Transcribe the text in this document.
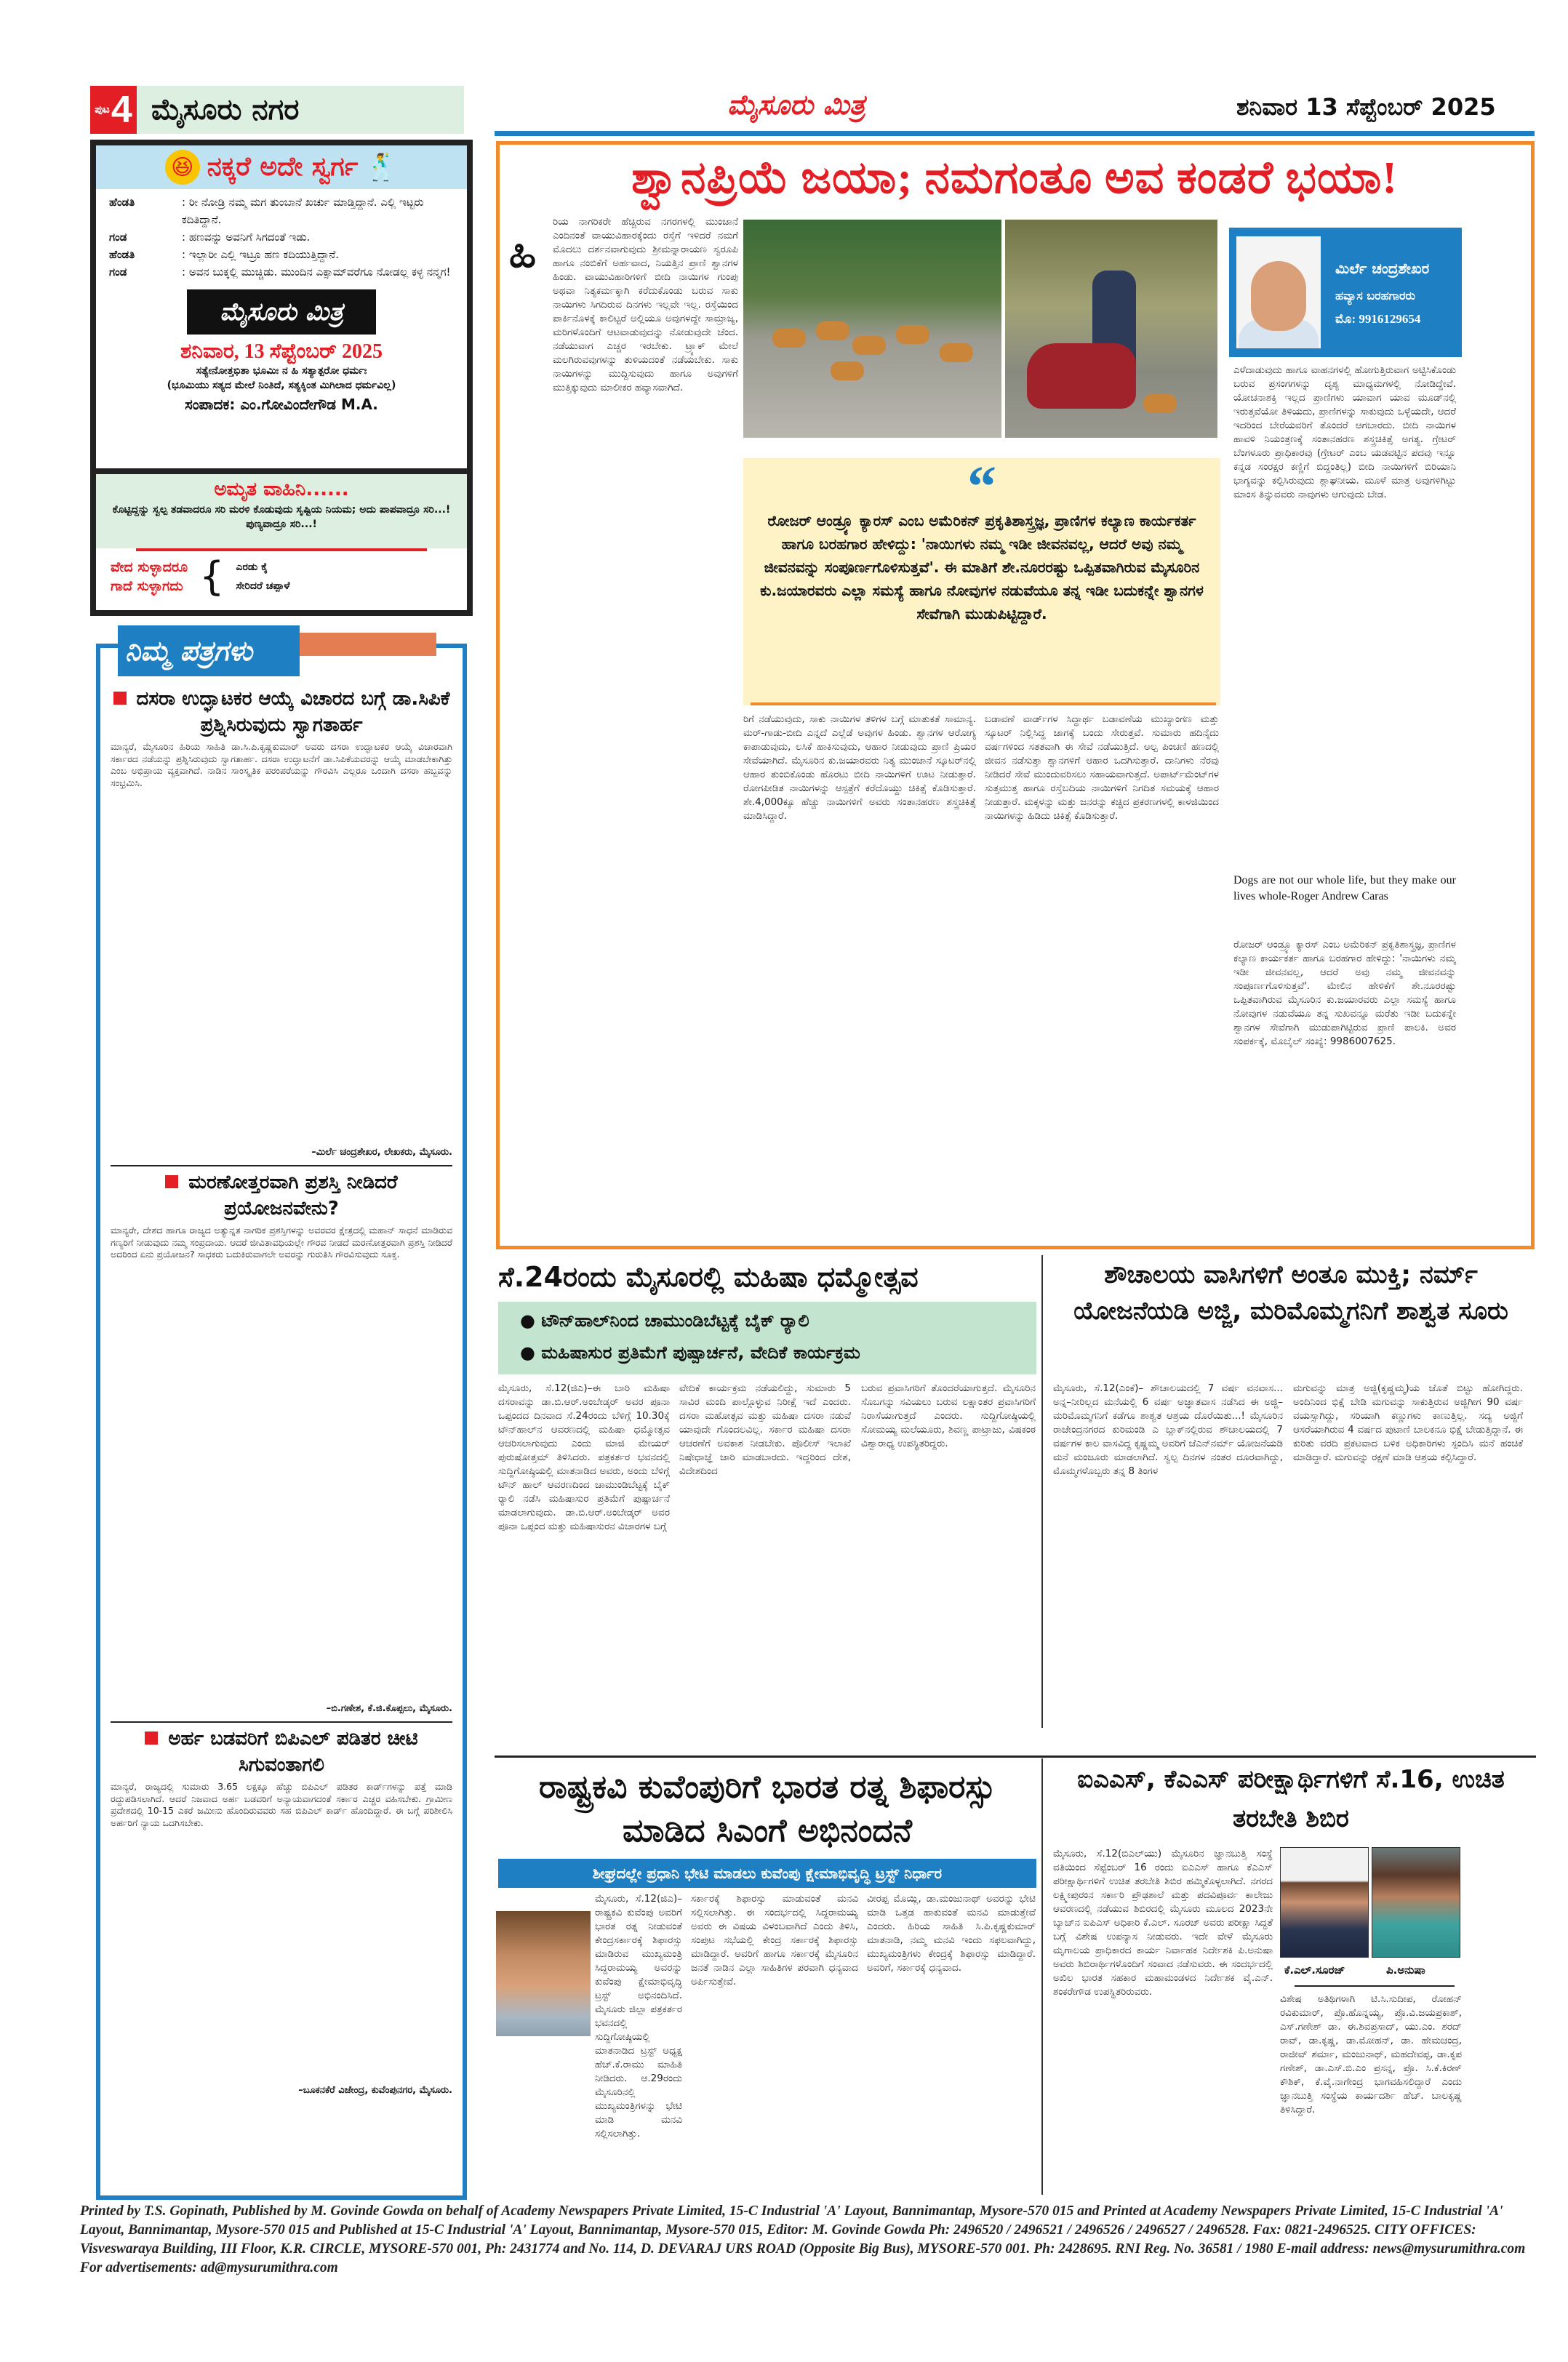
ಪುಟ 4 ಮೈಸೂರು ನಗರ	ಮೈಸೂರು ಮಿತ್ರ	ಶನಿವಾರ 13 ಸೆಪ್ಟೆಂಬರ್ 2025
😆 ನಕ್ಕರೆ ಅದೇ ಸ್ವರ್ಗ 🕺
ಹೆಂಡತಿ	: ರೀ ನೋಡ್ರಿ ನಮ್ಮ ಮಗ ತುಂಬಾನೆ ಖರ್ಚು ಮಾಡ್ತಿದ್ದಾನೆ. ಎಲ್ಲಿ ಇಟ್ಟರು ಕದಿತಿದ್ದಾನೆ.
ಗಂಡ	: ಹಣವನ್ನು ಅವನಿಗೆ ಸಿಗದಂತೆ ಇಡು.
ಹೆಂಡತಿ	: ಇಲ್ಲಾರೀ ಎಲ್ಲಿ ಇಟ್ರೂ ಹಣ ಕದಿಯುತ್ತಿದ್ದಾನೆ.
ಗಂಡ	: ಅವನ ಬುಕ್ಕಲ್ಲಿ ಮುಚ್ಚಿಡು. ಮುಂದಿನ ಎಕ್ಸಾಮ್‌ವರೆಗೂ ನೋಡಲ್ಲ ಕಳ್ಳ ನನ್ಮಗ!
ಮೈಸೂರು ಮಿತ್ರ
ಶನಿವಾರ, 13 ಸೆಪ್ಟೆಂಬರ್ 2025
ಸತ್ಯೇನೋತ್ತಭಿತಾ ಭೂಮಿಃ ನ ಹಿ ಸತ್ಯಾತ್ಪರೋ ಧರ್ಮಃ
(ಭೂಮಿಯು ಸತ್ಯದ ಮೇಲೆ ನಿಂತಿದೆ, ಸತ್ಯಕ್ಕಿಂತ ಮಿಗಿಲಾದ ಧರ್ಮವಿಲ್ಲ)
ಸಂಪಾದಕ: ಎಂ.ಗೋವಿಂದೇಗೌಡ M.A.
ಅಮೃತ ವಾಹಿನಿ......
ಕೊಟ್ಟಿದ್ದನ್ನು ಸ್ವಲ್ಪ ತಡವಾದರೂ ಸರಿ ಮರಳಿ ಕೊಡುವುದು ಸೃಷ್ಟಿಯ ನಿಯಮ; ಅದು ಪಾಪವಾದ್ರೂ ಸರಿ...! ಪುಣ್ಯವಾದ್ರೂ ಸರಿ...!
ವೇದ ಸುಳ್ಳಾದರೂ
ಗಾದೆ ಸುಳ್ಳಾಗದು { ಎರಡು ಕೈ
ಸೇರಿದರೆ ಚಪ್ಪಾಳೆ
ದಸರಾ ಉದ್ಘಾಟಕರ ಆಯ್ಕೆ ವಿಚಾರದ ಬಗ್ಗೆ ಡಾ.ಸಿಪಿಕೆ ಪ್ರಶ್ನಿಸಿರುವುದು ಸ್ವಾಗತಾರ್ಹ
ಮಾನ್ಯರೆ, ಮೈಸೂರಿನ ಹಿರಿಯ ಸಾಹಿತಿ ಡಾ.ಸಿ.ಪಿ.ಕೃಷ್ಣಕುಮಾರ್ ಅವರು ದಸರಾ ಉದ್ಘಾಟಕರ ಆಯ್ಕೆ ವಿಚಾರವಾಗಿ ಸರ್ಕಾರದ ನಡೆಯನ್ನು ಪ್ರಶ್ನಿಸಿರುವುದು ಸ್ವಾಗತಾರ್ಹ. ದಸರಾ ಉದ್ಘಾಟನೆಗೆ ಡಾ.ಸಿಪಿಕೆಯವರನ್ನು ಆಯ್ಕೆ ಮಾಡಬೇಕಾಗಿತ್ತು ಎಂಬ ಅಭಿಪ್ರಾಯ ವ್ಯಕ್ತವಾಗಿದೆ. ನಾಡಿನ ಸಾಂಸ್ಕೃತಿಕ ಪರಂಪರೆಯನ್ನು ಗೌರವಿಸಿ ಎಲ್ಲರೂ ಒಂದಾಗಿ ದಸರಾ ಹಬ್ಬವನ್ನು ಸಂಭ್ರಮಿಸಿ.
–ಮಿರ್ಲೆ ಚಂದ್ರಶೇಖರ, ಲೇಖಕರು, ಮೈಸೂರು.
ಮರಣೋತ್ತರವಾಗಿ ಪ್ರಶಸ್ತಿ ನೀಡಿದರೆ ಪ್ರಯೋಜನವೇನು?
ಮಾನ್ಯರೇ, ದೇಶದ ಹಾಗೂ ರಾಜ್ಯದ ಅತ್ಯುನ್ನತ ನಾಗರಿಕ ಪ್ರಶಸ್ತಿಗಳನ್ನು ಅವರವರ ಕ್ಷೇತ್ರದಲ್ಲಿ ಮಹಾನ್ ಸಾಧನೆ ಮಾಡಿರುವ ಗಣ್ಯರಿಗೆ ನೀಡುವುದು ನಮ್ಮ ಸಂಪ್ರದಾಯ. ಆದರೆ ಜೀವಿತಾವಧಿಯಲ್ಲೇ ಗೌರವ ನೀಡದೆ ಮರಣೋತ್ತರವಾಗಿ ಪ್ರಶಸ್ತಿ ನೀಡಿದರೆ ಅದರಿಂದ ಏನು ಪ್ರಯೋಜನ? ಸಾಧಕರು ಬದುಕಿರುವಾಗಲೇ ಅವರನ್ನು ಗುರುತಿಸಿ ಗೌರವಿಸುವುದು ಸೂಕ್ತ.
–ಬಿ.ಗಣೇಶ, ಕೆ.ಜಿ.ಕೊಪ್ಪಲು, ಮೈಸೂರು.
ಅರ್ಹ ಬಡವರಿಗೆ ಬಿಪಿಎಲ್ ಪಡಿತರ ಚೀಟಿ ಸಿಗುವಂತಾಗಲಿ
ಮಾನ್ಯರೆ, ರಾಜ್ಯದಲ್ಲಿ ಸುಮಾರು 3.65 ಲಕ್ಷಕ್ಕೂ ಹೆಚ್ಚು ಬಿಪಿಎಲ್ ಪಡಿತರ ಕಾರ್ಡ್‌ಗಳನ್ನು ಪತ್ತೆ ಮಾಡಿ ರದ್ದುಪಡಿಸಲಾಗಿದೆ. ಆದರೆ ನಿಜವಾದ ಅರ್ಹ ಬಡವರಿಗೆ ಅನ್ಯಾಯವಾಗದಂತೆ ಸರ್ಕಾರ ಎಚ್ಚರ ವಹಿಸಬೇಕು. ಗ್ರಾಮೀಣ ಪ್ರದೇಶದಲ್ಲಿ 10-15 ಎಕರೆ ಜಮೀನು ಹೊಂದಿರುವವರು ಸಹ ಬಿಪಿಎಲ್ ಕಾರ್ಡ್ ಹೊಂದಿದ್ದಾರೆ. ಈ ಬಗ್ಗೆ ಪರಿಶೀಲಿಸಿ ಅರ್ಹರಿಗೆ ನ್ಯಾಯ ಒದಗಿಸಬೇಕು.
–ಬೂಕನಕೆರೆ ವಿಜೇಂದ್ರ, ಕುವೆಂಪುನಗರ, ಮೈಸೂರು.
ನಿಮ್ಮ ಪತ್ರಗಳು
ಶ್ವಾನಪ್ರಿಯೆ ಜಯಾ; ನಮಗಂತೂ ಅವ ಕಂಡರೆ ಭಯಾ!
ಹಿ
ರಿಯ ನಾಗರಿಕರೇ ಹೆಚ್ಚಿರುವ ನಗರಗಳಲ್ಲಿ ಮುಂಜಾನೆ ಎಂದಿನಂತೆ ವಾಯುವಿಹಾರಕ್ಕೆಂದು ರಸ್ತೆಗೆ ಇಳಿದರೆ ನಮಗೆ ಮೊದಲು ದರ್ಶನವಾಗುವುದು ಶ್ರೀಮನ್ನಾರಾಯಣ ಸ್ವರೂಪಿ ಹಾಗೂ ನಂಬಿಕೆಗೆ ಅರ್ಹವಾದ, ನಿಯತ್ತಿನ ಪ್ರಾಣಿ ಶ್ವಾನಗಳ ಹಿಂಡು. ವಾಯುವಿಹಾರಿಗಳಿಗೆ ಬೀದಿ ನಾಯಿಗಳ ಗುಂಪು ಅಥವಾ ನಿತ್ಯಕರ್ಮಕ್ಕಾಗಿ ಕರೆದುಕೊಂಡು ಬರುವ ಸಾಕು ನಾಯಿಗಳು ಸಿಗದಿರುವ ದಿನಗಳು ಇಲ್ಲವೇ ಇಲ್ಲ. ರಸ್ತೆಯಿಂದ ಪಾರ್ಕಿನೊಳಕ್ಕೆ ಕಾಲಿಟ್ಟರೆ ಅಲ್ಲಿಯೂ ಅವುಗಳದ್ದೇ ಸಾಮ್ರಾಜ್ಯ, ಮರಿಗಳೊಂದಿಗೆ ಆಟವಾಡುವುದನ್ನು ನೋಡುವುದೇ ಚೆಂದ. ನಡೆಯುವಾಗ ಎಚ್ಚರ ಇರಬೇಕು. ಟ್ರ್ಯಾಕ್ ಮೇಲೆ ಮಲಗಿರುವವುಗಳನ್ನು ತುಳಿಯದಂತೆ ನಡೆಯಬೇಕು. ಸಾಕು ನಾಯಿಗಳನ್ನು ಮುದ್ದಿಸುವುದು ಹಾಗೂ ಅವುಗಳಿಗೆ ಮುತ್ತಿಕ್ಕುವುದು ಮಾಲೀಕರ ಹವ್ಯಾಸವಾಗಿದೆ.
ರಿಗೆ ನಡೆಯುವುದು, ಸಾಕು ನಾಯಿಗಳ ತಳಿಗಳ ಬಗ್ಗೆ ಮಾತುಕತೆ ಸಾಮಾನ್ಯ. ಮರ್-ಗಾಡು-ಬೀದಿ ಎನ್ನದೆ ಎಲ್ಲೆಡೆ ಅವುಗಳ ಹಿಂಡು. ಶ್ವಾನಗಳ ಆರೋಗ್ಯ ಕಾಪಾಡುವುದು, ಲಸಿಕೆ ಹಾಕಿಸುವುದು, ಆಹಾರ ನೀಡುವುದು ಪ್ರಾಣಿ ಪ್ರಿಯರ ಸೇವೆಯಾಗಿದೆ. ಮೈಸೂರಿನ ಕು.ಜಯಾರವರು ನಿತ್ಯ ಮುಂಜಾನೆ ಸ್ಕೂಟರ್‌ನಲ್ಲಿ ಆಹಾರ ತುಂಬಿಕೊಂಡು ಹೊರಟು ಬೀದಿ ನಾಯಿಗಳಿಗೆ ಊಟ ನೀಡುತ್ತಾರೆ. ರೋಗಪೀಡಿತ ನಾಯಿಗಳನ್ನು ಆಸ್ಪತ್ರೆಗೆ ಕರೆದೊಯ್ದು ಚಿಕಿತ್ಸೆ ಕೊಡಿಸುತ್ತಾರೆ. ಶೇ.4,000ಕ್ಕೂ ಹೆಚ್ಚು ನಾಯಿಗಳಿಗೆ ಅವರು ಸಂತಾನಹರಣ ಶಸ್ತ್ರಚಿಕಿತ್ಸೆ ಮಾಡಿಸಿದ್ದಾರೆ.
ಬಡಾವಣೆ ವಾರ್ಡ್‌ಗಳ ಸಿದ್ಧಾರ್ಥ ಬಡಾವಣೆಯ ಮುಖ್ಯಾಂಗಣ ಮತ್ತು ಸ್ಕೂಟರ್ ನಿಲ್ಲಿಸಿದ್ದ ಜಾಗಕ್ಕೆ ಬಂದು ಸೇರುತ್ತವೆ. ಸುಮಾರು ಹದಿನೈದು ವರ್ಷಗಳಿಂದ ಸತತವಾಗಿ ಈ ಸೇವೆ ನಡೆಯುತ್ತಿದೆ. ಅಲ್ಪ ಪಿಂಚಣಿ ಹಣದಲ್ಲಿ ಜೀವನ ನಡೆಸುತ್ತಾ ಶ್ವಾನಗಳಿಗೆ ಆಹಾರ ಒದಗಿಸುತ್ತಾರೆ. ದಾನಿಗಳು ನೆರವು ನೀಡಿದರೆ ಸೇವೆ ಮುಂದುವರಿಸಲು ಸಹಾಯವಾಗುತ್ತದೆ. ಅಪಾರ್ಟ್‌ಮೆಂಟ್‌ಗಳ ಸುತ್ತಮುತ್ತ ಹಾಗೂ ರಸ್ತೆಬದಿಯ ನಾಯಿಗಳಿಗೆ ನಿಗದಿತ ಸಮಯಕ್ಕೆ ಆಹಾರ ನೀಡುತ್ತಾರೆ. ಮಕ್ಕಳನ್ನು ಮತ್ತು ಜನರನ್ನು ಕಚ್ಚಿದ ಪ್ರಕರಣಗಳಲ್ಲಿ ಕಾಳಜಿಯಿಂದ ನಾಯಿಗಳನ್ನು ಹಿಡಿದು ಚಿಕಿತ್ಸೆ ಕೊಡಿಸುತ್ತಾರೆ.
ಮಿರ್ಲೆ ಚಂದ್ರಶೇಖರ
ಹವ್ಯಾಸ ಬರಹಗಾರರು
ಮೊ: 9916129654
ಎಳೆದಾಡುವುದು ಹಾಗೂ ವಾಹನಗಳಲ್ಲಿ ಹೋಗುತ್ತಿರುವಾಗ ಅಟ್ಟಿಸಿಕೊಂಡು ಬರುವ ಪ್ರಸಂಗಗಳನ್ನು ದೃಶ್ಯ ಮಾಧ್ಯಮಗಳಲ್ಲಿ ನೋಡಿದ್ದೇವೆ. ಯೋಚನಾಶಕ್ತಿ ಇಲ್ಲದ ಪ್ರಾಣಿಗಳು ಯಾವಾಗ ಯಾವ ಮೂಡ್‌ನಲ್ಲಿ ಇರುತ್ತವೆಯೋ ತಿಳಿಯದು, ಪ್ರಾಣಿಗಳನ್ನು ಸಾಕುವುದು ಒಳ್ಳೆಯದೇ, ಆದರೆ ಇದರಿಂದ ಬೇರೆಯವರಿಗೆ ತೊಂದರೆ ಆಗಬಾರದು. ಬೀದಿ ನಾಯಿಗಳ ಹಾವಳಿ ನಿಯಂತ್ರಣಕ್ಕೆ ಸಂತಾನಹರಣ ಶಸ್ತ್ರಚಿಕಿತ್ಸೆ ಅಗತ್ಯ. ಗ್ರೇಟರ್ ಬೆಂಗಳೂರು ಪ್ರಾಧಿಕಾರವು (ಗ್ರೇಟರ್ ಎಂಬ ಯಡವಟ್ಟಿನ ಪದವು ಇನ್ನೂ ಕನ್ನಡ ಸಂರಕ್ಷರ ಕಣ್ಣಿಗೆ ಬಿದ್ದಂತಿಲ್ಲ) ಬೀದಿ ನಾಯಿಗಳಿಗೆ ಬಿರಿಯಾನಿ ಭಾಗ್ಯವನ್ನು ಕಲ್ಪಿಸಿರುವುದು ಶ್ಲಾಘನೀಯ. ಮೂಳೆ ಮಾತ್ರ ಅವುಗಳಿಗಿಟ್ಟು ಮಾಂಸ ತಿನ್ನುವವರು ನಾವುಗಳು ಆಗುವುದು ಬೇಡ.
Dogs are not our whole life, but they make our lives whole-Roger Andrew Caras
ರೋಜರ್ ಆಂಡ್ರ್ಯೂ ಕ್ಯಾರಸ್ ಎಂಬ ಅಮೆರಿಕನ್ ಪ್ರಕೃತಿಶಾಸ್ತ್ರಜ್ಞ, ಪ್ರಾಣಿಗಳ ಕಲ್ಯಾಣ ಕಾರ್ಯಕರ್ತ ಹಾಗೂ ಬರಹಗಾರ ಹೇಳಿದ್ದು: 'ನಾಯಿಗಳು ನಮ್ಮ ಇಡೀ ಜೀವನವಲ್ಲ, ಆದರೆ ಅವು ನಮ್ಮ ಜೀವನವನ್ನು ಸಂಪೂರ್ಣಗೊಳಿಸುತ್ತವೆ'. ಮೇಲಿನ ಹೇಳಿಕೆಗೆ ಶೇ.ನೂರರಷ್ಟು ಒಪ್ಪಿತವಾಗಿರುವ ಮೈಸೂರಿನ ಕು.ಜಯಾರವರು ಎಲ್ಲಾ ಸಮಸ್ಯೆ ಹಾಗೂ ನೋವುಗಳ ನಡುವೆಯೂ ತನ್ನ ಸುಖವನ್ನೂ ಮರೆತು ಇಡೀ ಬದುಕನ್ನೇ ಶ್ವಾನಗಳ ಸೇವೆಗಾಗಿ ಮುಡುಪಾಗಿಟ್ಟಿರುವ ಪ್ರಾಣಿ ಪಾಲಕಿ. ಅವರ ಸಂಪರ್ಕಕ್ಕೆ, ಮೊಬೈಲ್ ಸಂಖ್ಯೆ: 9986007625.
“
ರೋಜರ್ ಆಂಡ್ರ್ಯೂ ಕ್ಯಾರಸ್ ಎಂಬ ಅಮೆರಿಕನ್ ಪ್ರಕೃತಿಶಾಸ್ತ್ರಜ್ಞ, ಪ್ರಾಣಿಗಳ ಕಲ್ಯಾಣ ಕಾರ್ಯಕರ್ತ ಹಾಗೂ ಬರಹಗಾರ ಹೇಳಿದ್ದು: 'ನಾಯಿಗಳು ನಮ್ಮ ಇಡೀ ಜೀವನವಲ್ಲ, ಆದರೆ ಅವು ನಮ್ಮ ಜೀವನವನ್ನು ಸಂಪೂರ್ಣಗೊಳಿಸುತ್ತವೆ'. ಈ ಮಾತಿಗೆ ಶೇ.ನೂರರಷ್ಟು ಒಪ್ಪಿತವಾಗಿರುವ ಮೈಸೂರಿನ ಕು.ಜಯಾರವರು ಎಲ್ಲಾ ಸಮಸ್ಯೆ ಹಾಗೂ ನೋವುಗಳ ನಡುವೆಯೂ ತನ್ನ ಇಡೀ ಬದುಕನ್ನೇ ಶ್ವಾನಗಳ ಸೇವೆಗಾಗಿ ಮುಡುಪಿಟ್ಟಿದ್ದಾರೆ.
ಸೆ.24ರಂದು ಮೈಸೂರಲ್ಲಿ ಮಹಿಷಾ ಧಮ್ಮೋತ್ಸವ
● ಟೌನ್‌ಹಾಲ್‌ನಿಂದ ಚಾಮುಂಡಿಬೆಟ್ಟಕ್ಕೆ ಬೈಕ್ ರ್‍ಯಾಲಿ
● ಮಹಿಷಾಸುರ ಪ್ರತಿಮೆಗೆ ಪುಷ್ಪಾರ್ಚನೆ, ವೇದಿಕೆ ಕಾರ್ಯಕ್ರಮ
ಮೈಸೂರು, ಸೆ.12(ಜಿಎ)–ಈ ಬಾರಿ ಮಹಿಷಾ ದಸರಾವನ್ನು ಡಾ.ಬಿ.ಆರ್.ಅಂಬೇಡ್ಕರ್ ಅವರ ಪೂನಾ ಒಪ್ಪಂದದ ದಿನವಾದ ಸೆ.24ರಂದು ಬೆಳಿಗ್ಗೆ 10.30ಕ್ಕೆ ಟೌನ್‌ಹಾಲ್‌ನ ಆವರಣದಲ್ಲಿ ಮಹಿಷಾ ಧಮ್ಮೋತ್ಸವ ಆಚರಿಸಲಾಗುವುದು ಎಂದು ಮಾಜಿ ಮೇಯರ್ ಪುರುಷೋತ್ತಮ್ ತಿಳಿಸಿದರು. ಪತ್ರಕರ್ತರ ಭವನದಲ್ಲಿ ಸುದ್ದಿಗೋಷ್ಠಿಯಲ್ಲಿ ಮಾತನಾಡಿದ ಅವರು, ಅಂದು ಬೆಳಿಗ್ಗೆ ಟೌನ್ ಹಾಲ್ ಆವರಣದಿಂದ ಚಾಮುಂಡಿಬೆಟ್ಟಕ್ಕೆ ಬೈಕ್ ರ್‍ಯಾಲಿ ನಡೆಸಿ ಮಹಿಷಾಸುರ ಪ್ರತಿಮೆಗೆ ಪುಷ್ಪಾರ್ಚನೆ ಮಾಡಲಾಗುವುದು. ಡಾ.ಬಿ.ಆರ್.ಅಂಬೇಡ್ಕರ್ ಅವರ ಪೂನಾ ಒಪ್ಪಂದ ಮತ್ತು ಮಹಿಷಾಸುರನ ವಿಚಾರಗಳ ಬಗ್ಗೆ
ವೇದಿಕೆ ಕಾರ್ಯಕ್ರಮ ನಡೆಯಲಿದ್ದು, ಸುಮಾರು 5 ಸಾವಿರ ಮಂದಿ ಪಾಲ್ಗೊಳ್ಳುವ ನಿರೀಕ್ಷೆ ಇದೆ ಎಂದರು. ದಸರಾ ಮಹೋತ್ಸವ ಮತ್ತು ಮಹಿಷಾ ದಸರಾ ನಡುವೆ ಯಾವುದೇ ಗೊಂದಲವಿಲ್ಲ. ಸರ್ಕಾರ ಮಹಿಷಾ ದಸರಾ ಆಚರಣೆಗೆ ಅವಕಾಶ ನೀಡಬೇಕು. ಪೊಲೀಸ್ ಇಲಾಖೆ ನಿಷೇಧಾಜ್ಞೆ ಜಾರಿ ಮಾಡಬಾರದು. ಇದ್ದರಿಂದ ದೇಶ, ವಿದೇಶದಿಂದ
ಬರುವ ಪ್ರವಾಸಿಗರಿಗೆ ತೊಂದರೆಯಾಗುತ್ತದೆ. ಮೈಸೂರಿನ ಸೊಬಗನ್ನು ಸವಿಯಲು ಬರುವ ಲಕ್ಷಾಂತರ ಪ್ರವಾಸಿಗರಿಗೆ ನಿರಾಸೆಯಾಗುತ್ತದೆ ಎಂದರು. ಸುದ್ದಿಗೋಷ್ಠಿಯಲ್ಲಿ ಸೋಮಯ್ಯ ಮಲೆಯೂರು, ಶಿವಣ್ಣ ಪಾಟ್ರಾಜು, ವಿಷಕಂಠ ವಿಶ್ವಾರಾಧ್ಯ ಉಪಸ್ಥಿತರಿದ್ದರು.
ಶೌಚಾಲಯ ವಾಸಿಗಳಿಗೆ ಅಂತೂ ಮುಕ್ತಿ; ನರ್ಮ್ ಯೋಜನೆಯಡಿ ಅಜ್ಜಿ, ಮರಿಮೊಮ್ಮಗನಿಗೆ ಶಾಶ್ವತ ಸೂರು
ಮೈಸೂರು, ಸೆ.12(ಎಂಕೆ)– ಶೌಚಾಲಯದಲ್ಲಿ 7 ವರ್ಷ ವನವಾಸ... ಅನ್ನ–ನೀರಿಲ್ಲದ ಮನೆಯಲ್ಲಿ 6 ವರ್ಷ ಅಜ್ಞಾತವಾಸ ನಡೆಸಿದ ಈ ಅಜ್ಜಿ–ಮರಿಮೊಮ್ಮಗನಿಗೆ ಕಡೆಗೂ ಶಾಶ್ವತ ಆಶ್ರಯ ದೊರೆಯಿತು...! ಮೈಸೂರಿನ ರಾಜೇಂದ್ರನಗರದ ಕುರಿಮಂಡಿ ಎ ಬ್ಲಾಕ್‌ನಲ್ಲಿರುವ ಶೌಚಾಲಯದಲ್ಲಿ 7 ವರ್ಷಗಳ ಕಾಲ ವಾಸವಿದ್ದ ಕೃಷ್ಣಮ್ಮ ಅವರಿಗೆ ಜೆಎನ್‌ನರ್ಮ್ ಯೋಜನೆಯಡಿ ಮನೆ ಮಂಜೂರು ಮಾಡಲಾಗಿದೆ. ಸ್ವಲ್ಪ ದಿನಗಳ ನಂತರ ದೂರವಾಗಿದ್ದು, ಮೊಮ್ಮಗಳೊಬ್ಬರು ತನ್ನ 8 ತಿಂಗಳ
ಮಗುವನ್ನು ಮಾತ್ರ ಅಜ್ಜಿ(ಕೃಷ್ಣಮ್ಮ)ಯ ಜೊತೆ ಬಿಟ್ಟು ಹೋಗಿದ್ದರು. ಅಂದಿನಿಂದ ಭಿಕ್ಷೆ ಬೇಡಿ ಮಗುವನ್ನು ಸಾಕುತ್ತಿರುವ ಅಜ್ಜಿಗೀಗ 90 ವರ್ಷ ವಯಸ್ಸಾಗಿದ್ದು, ಸರಿಯಾಗಿ ಕಣ್ಣುಗಳು ಕಾಣುತ್ತಿಲ್ಲ. ಸದ್ಯ ಅಜ್ಜಿಗೆ ಆಸರೆಯಾಗಿರುವ 4 ವರ್ಷದ ಪುಟಾಣಿ ಬಾಲಕನೂ ಭಿಕ್ಷೆ ಬೇಡುತ್ತಿದ್ದಾನೆ. ಈ ಕುರಿತು ವರದಿ ಪ್ರಕಟವಾದ ಬಳಿಕ ಅಧಿಕಾರಿಗಳು ಸ್ಪಂದಿಸಿ ಮನೆ ಹಂಚಿಕೆ ಮಾಡಿದ್ದಾರೆ. ಮಗುವನ್ನು ರಕ್ಷಣೆ ಮಾಡಿ ಆಶ್ರಯ ಕಲ್ಪಿಸಿದ್ದಾರೆ.
ರಾಷ್ಟ್ರಕವಿ ಕುವೆಂಪುರಿಗೆ ಭಾರತ ರತ್ನ ಶಿಫಾರಸ್ಸು ಮಾಡಿದ ಸಿಎಂಗೆ ಅಭಿನಂದನೆ
ಶೀಘ್ರದಲ್ಲೇ ಪ್ರಧಾನಿ ಭೇಟಿ ಮಾಡಲು ಕುವೆಂಪು ಕ್ಷೇಮಾಭಿವೃದ್ಧಿ ಟ್ರಸ್ಟ್ ನಿರ್ಧಾರ
ಮೈಸೂರು, ಸೆ.12(ಜಿಎ)–ರಾಷ್ಟ್ರಕವಿ ಕುವೆಂಪು ಅವರಿಗೆ ಭಾರತ ರತ್ನ ನೀಡುವಂತೆ ಕೇಂದ್ರಸರ್ಕಾರಕ್ಕೆ ಶಿಫಾರಸ್ಸು ಮಾಡಿರುವ ಮುಖ್ಯಮಂತ್ರಿ ಸಿದ್ದರಾಮಯ್ಯ ಅವರನ್ನು ಕುವೆಂಪು ಕ್ಷೇಮಾಭಿವೃದ್ಧಿ ಟ್ರಸ್ಟ್ ಅಭಿನಂದಿಸಿದೆ. ಮೈಸೂರು ಜಿಲ್ಲಾ ಪತ್ರಕರ್ತರ ಭವನದಲ್ಲಿ ಸುದ್ದಿಗೋಷ್ಠಿಯಲ್ಲಿ ಮಾತನಾಡಿದ ಟ್ರಸ್ಟ್ ಅಧ್ಯಕ್ಷ ಹೆಚ್.ಕೆ.ರಾಮು ಮಾಹಿತಿ ನೀಡಿದರು. ಆ.29ರಂದು ಮೈಸೂರಿನಲ್ಲಿ ಮುಖ್ಯಮಂತ್ರಿಗಳನ್ನು ಭೇಟಿ ಮಾಡಿ ಮನವಿ ಸಲ್ಲಿಸಲಾಗಿತ್ತು.
ಸರ್ಕಾರಕ್ಕೆ ಶಿಫಾರಸ್ಸು ಮಾಡುವಂತೆ ಮನವಿ ಸಲ್ಲಿಸಲಾಗಿತ್ತು. ಈ ಸಂದರ್ಭದಲ್ಲಿ ಸಿದ್ದರಾಮಯ್ಯ ಅವರು ಈ ವಿಷಯ ವಿಳಂಬವಾಗಿದೆ ಎಂದು ತಿಳಿಸಿ, ಸಂಪುಟ ಸಭೆಯಲ್ಲಿ ಕೇಂದ್ರ ಸರ್ಕಾರಕ್ಕೆ ಶಿಫಾರಸ್ಸು ಮಾಡಿದ್ದಾರೆ. ಅವರಿಗೆ ಹಾಗೂ ಸರ್ಕಾರಕ್ಕೆ ಮೈಸೂರಿನ ಜನತೆ ನಾಡಿನ ಎಲ್ಲಾ ಸಾಹಿತಿಗಳ ಪರವಾಗಿ ಧನ್ಯವಾದ ಅರ್ಪಿಸುತ್ತೇವೆ.
ವೀರಪ್ಪ ಮೊಯ್ಲಿ, ಡಾ.ಮಂಜುನಾಥ್ ಅವರನ್ನು ಭೇಟಿ ಮಾಡಿ ಒತ್ತಡ ಹಾಕುವಂತೆ ಮನವಿ ಮಾಡುತ್ತೇವೆ ಎಂದರು. ಹಿರಿಯ ಸಾಹಿತಿ ಸಿ.ಪಿ.ಕೃಷ್ಣಕುಮಾರ್ ಮಾತನಾಡಿ, ನಮ್ಮ ಮನವಿ ಇಂದು ಸಫಲವಾಗಿದ್ದು, ಮುಖ್ಯಮಂತ್ರಿಗಳು ಕೇಂದ್ರಕ್ಕೆ ಶಿಫಾರಸ್ಸು ಮಾಡಿದ್ದಾರೆ. ಅವರಿಗೆ, ಸರ್ಕಾರಕ್ಕೆ ಧನ್ಯವಾದ.
ಐಎಎಸ್, ಕೆಎಎಸ್ ಪರೀಕ್ಷಾರ್ಥಿಗಳಿಗೆ ಸೆ.16, ಉಚಿತ ತರಬೇತಿ ಶಿಬಿರ
ಮೈಸೂರು, ಸೆ.12(ಬಿಎಲ್‌ಯು) ಮೈಸೂರಿನ ಜ್ಞಾನಬುತ್ತಿ ಸಂಸ್ಥೆ ವತಿಯಿಂದ ಸೆಪ್ಟೆಂಬರ್ 16 ರಂದು ಐಎಎಸ್ ಹಾಗೂ ಕೆಎಎಸ್ ಪರೀಕ್ಷಾರ್ಥಿಗಳಿಗೆ ಉಚಿತ ತರಬೇತಿ ಶಿಬಿರ ಹಮ್ಮಿಕೊಳ್ಳಲಾಗಿದೆ. ನಗರದ ಲಕ್ಷ್ಮೀಪುರಂನ ಸರ್ಕಾರಿ ಪ್ರೌಢಶಾಲೆ ಮತ್ತು ಪದವಿಪೂರ್ವ ಕಾಲೇಜು ಆವರಣದಲ್ಲಿ ನಡೆಯುವ ಶಿಬಿರದಲ್ಲಿ ಮೈಸೂರು ಮೂಲದ 2023ನೇ ಬ್ಯಾಚ್‌ನ ಐಪಿಎಸ್ ಅಧಿಕಾರಿ ಕೆ.ಎಲ್. ಸೂರಜ್ ಅವರು ಪರೀಕ್ಷಾ ಸಿದ್ಧತೆ ಬಗ್ಗೆ ವಿಶೇಷ ಉಪನ್ಯಾಸ ನೀಡುವರು. ಇದೇ ವೇಳೆ ಮೈಸೂರು ಮೃಗಾಲಯ ಪ್ರಾಧಿಕಾರದ ಕಾರ್ಯ ನಿರ್ವಾಹಕ ನಿರ್ದೇಶಕಿ ಪಿ.ಅನುಷಾ ಅವರು ಶಿಬಿರಾರ್ಥಿಗಳೊಂದಿಗೆ ಸಂವಾದ ನಡೆಸುವರು. ಈ ಸಂದರ್ಭದಲ್ಲಿ ಅಖಿಲ ಭಾರತ ಸಹಕಾರ ಮಹಾಮಂಡಳದ ನಿರ್ದೇಶಕ ವೈ.ಎನ್. ಶಂಕರೇಗೌಡ ಉಪಸ್ಥಿತರಿರುವರು.
ಕೆ.ಎಲ್.ಸೂರಜ್	ಪಿ.ಅನುಷಾ
ವಿಶೇಷ ಅತಿಥಿಗಳಾಗಿ ಟಿ.ಸಿ.ಸುದೀಪ, ರೋಹನ್ ರವಿಕುಮಾರ್, ಪ್ರೊ.ಹೊನ್ನಯ್ಯ, ಪ್ರೊ.ವಿ.ಜಯಪ್ರಕಾಶ್, ಎಸ್.ಗಣೇಶ್ ಡಾ. ಈ.ಶಿವಪ್ರಸಾದ್, ಯು.ಎಂ. ಶರದ್ ರಾವ್, ಡಾ.ಕೃಷ್ಣ, ಡಾ.ಮೋಹನ್, ಡಾ. ಹೇಮಚಂದ್ರ, ರಾಜೀವ್ ಶರ್ಮಾ, ಮಂಜುನಾಥ್, ಮಹದೇವಪ್ಪ, ಡಾ.ಕೃಪ ಗಣೇಶ್, ಡಾ.ಎಸ್.ಬಿ.ಎಂ ಪ್ರಸನ್ನ, ಪ್ರೊ. ಸಿ.ಕೆ.ಕಿರಣ್ ಕೌಶಿಕ್, ಕೆ.ವೈ.ನಾಗೇಂದ್ರ ಭಾಗವಹಿಸಲಿದ್ದಾರೆ ಎಂದು ಜ್ಞಾನಬುತ್ತಿ ಸಂಸ್ಥೆಯ ಕಾರ್ಯದರ್ಶಿ ಹೆಚ್. ಬಾಲಕೃಷ್ಣ ತಿಳಿಸಿದ್ದಾರೆ.
Printed by T.S. Gopinath, Published by M. Govinde Gowda on behalf of Academy Newspapers Private Limited, 15-C Industrial 'A' Layout, Bannimantap, Mysore-570 015 and Printed at Academy Newspapers Private Limited, 15-C Industrial 'A' Layout, Bannimantap, Mysore-570 015 and Published at 15-C Industrial 'A' Layout, Bannimantap, Mysore-570 015, Editor: M. Govinde Gowda Ph: 2496520 / 2496521 / 2496526 / 2496527 / 2496528. Fax: 0821-2496525. CITY OFFICES: Visveswaraya Building, III Floor, K.R. CIRCLE, MYSORE-570 001, Ph: 2431774 and No. 114, D. DEVARAJ URS ROAD (Opposite Big Bus), MYSORE-570 001. Ph: 2428695. RNI Reg. No. 36581 / 1980 E-mail address: news@mysurumithra.com For advertisements: ad@mysurumithra.com
